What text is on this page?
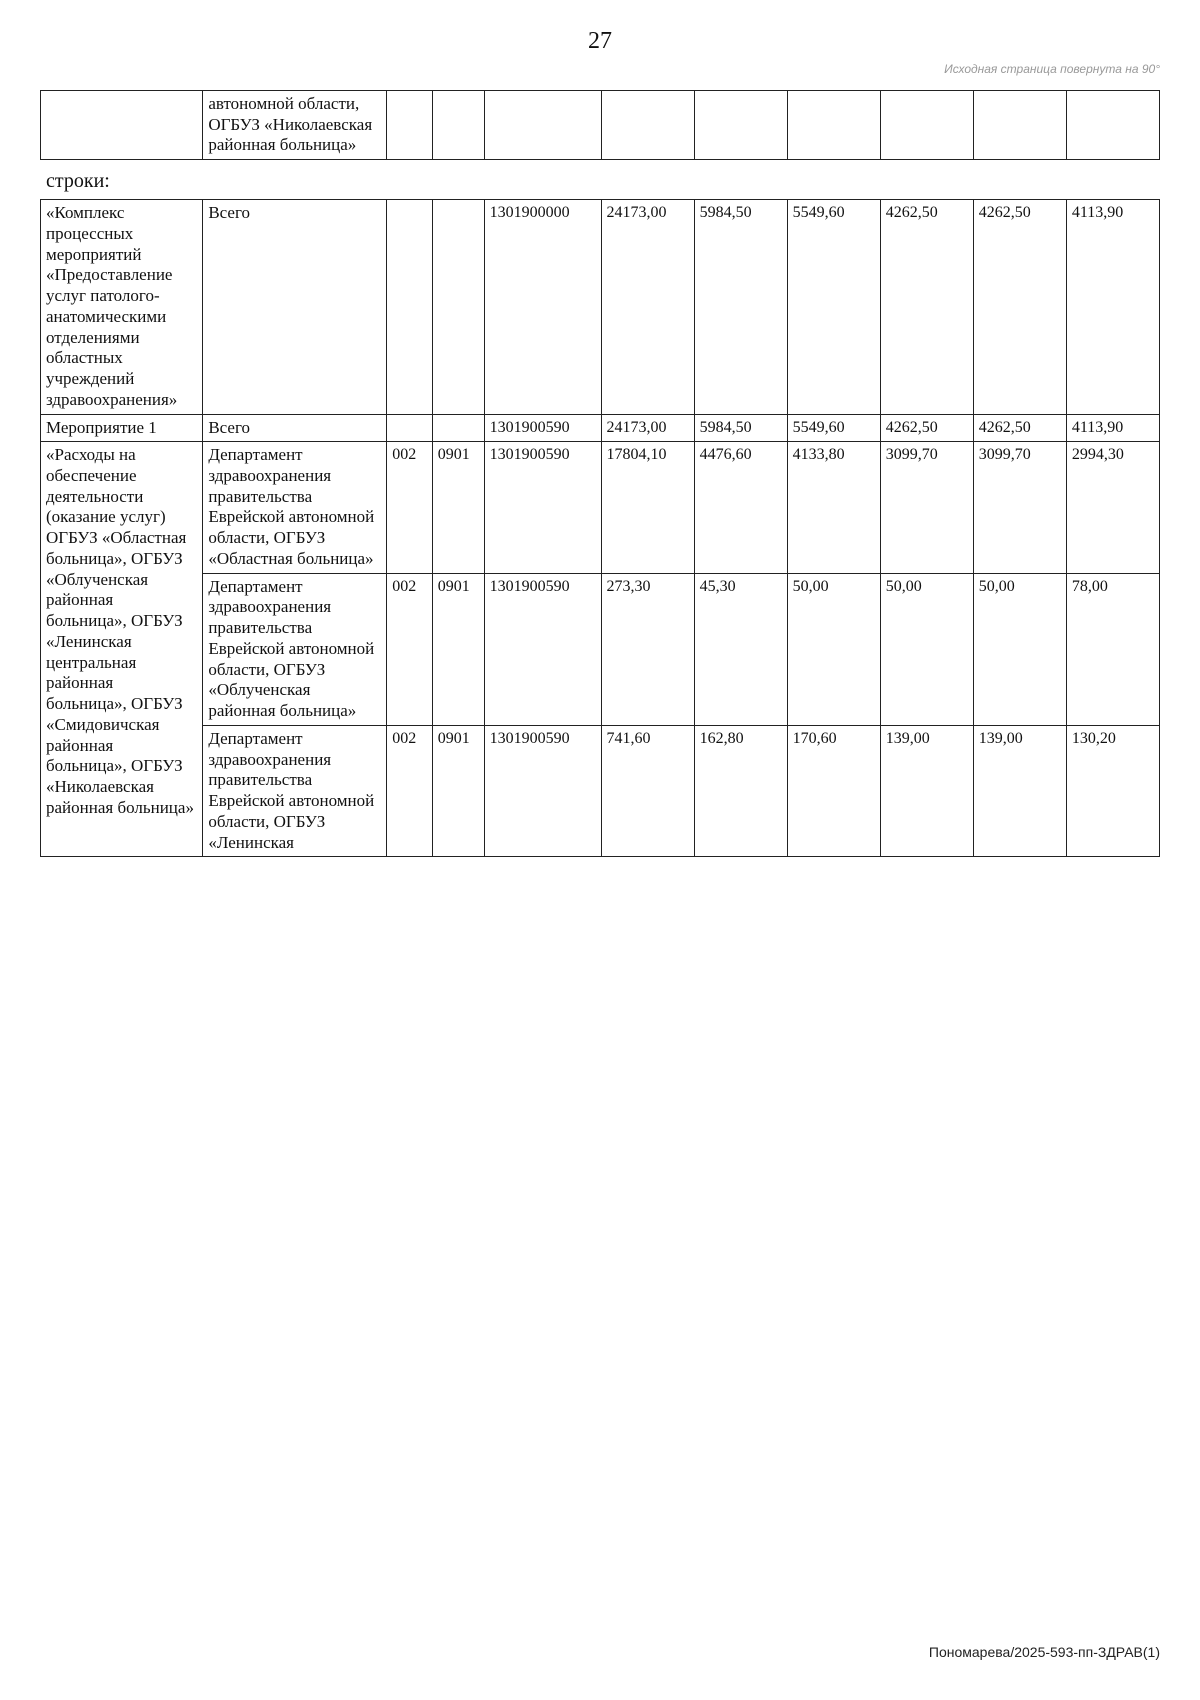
27
Исходная страница повернута на 90°
	автономной области, ОГБУЗ «Николаевская районная больница»									
строки:
«Комплекс процессных мероприятий «Предоставление услуг патолого-анатомическими отделениями областных учреждений здравоохранения»	Всего			1301900000	24173,00	5984,50	5549,60	4262,50	4262,50	4113,90
Мероприятие 1	Всего			1301900590	24173,00	5984,50	5549,60	4262,50	4262,50	4113,90
«Расходы на обеспечение деятельности (оказание услуг) ОГБУЗ «Областная больница», ОГБУЗ «Облученская районная больница», ОГБУЗ «Ленинская центральная районная больница», ОГБУЗ «Смидовичская районная больница», ОГБУЗ «Николаевская районная больница»	Департамент здравоохранения правительства Еврейской автономной области, ОГБУЗ «Областная больница»	002	0901	1301900590	17804,10	4476,60	4133,80	3099,70	3099,70	2994,30
	Департамент здравоохранения правительства Еврейской автономной области, ОГБУЗ «Облученская районная больница»	002	0901	1301900590	273,30	45,30	50,00	50,00	50,00	78,00
	Департамент здравоохранения правительства Еврейской автономной области, ОГБУЗ «Ленинская	002	0901	1301900590	741,60	162,80	170,60	139,00	139,00	130,20
Пономарева/2025-593-пп-ЗДРАВ(1)
